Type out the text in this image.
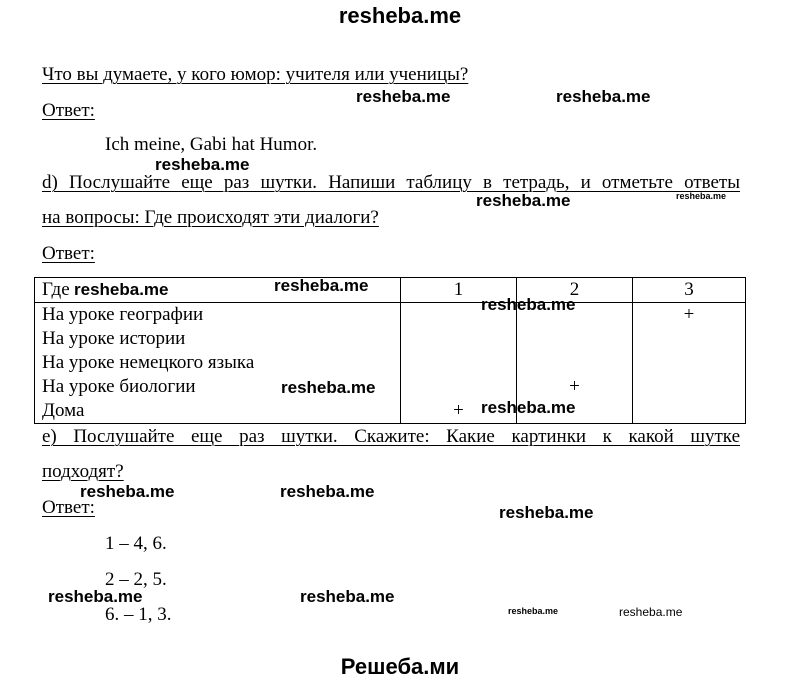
resheba.me
Что вы думаете, у кого юмор: учителя или ученицы?
Ответ:
Ich meine, Gabi hat Humor.
d) Послушайте еще раз шутки. Напиши таблицу в тетрадь, и отметьте ответы
на вопросы: Где происходят эти диалоги?
Ответ:
Где	1	2	3
На уроке географии			+
На уроке истории			
На уроке немецкого языка			
На уроке биологии		+	
Дома	+		
e) Послушайте еще раз шутки. Скажите: Какие картинки к какой шутке
подходят?
Ответ:
1 – 4, 6.
2 – 2, 5.
6. – 1, 3.
resheba.me	resheba.me
resheba.me
resheba.me	resheba.me
resheba.me	resheba.me
resheba.me
resheba.me
resheba.me
resheba.me	resheba.me
resheba.me
resheba.me	resheba.me
resheba.me	resheba.me
Решеба.ми
